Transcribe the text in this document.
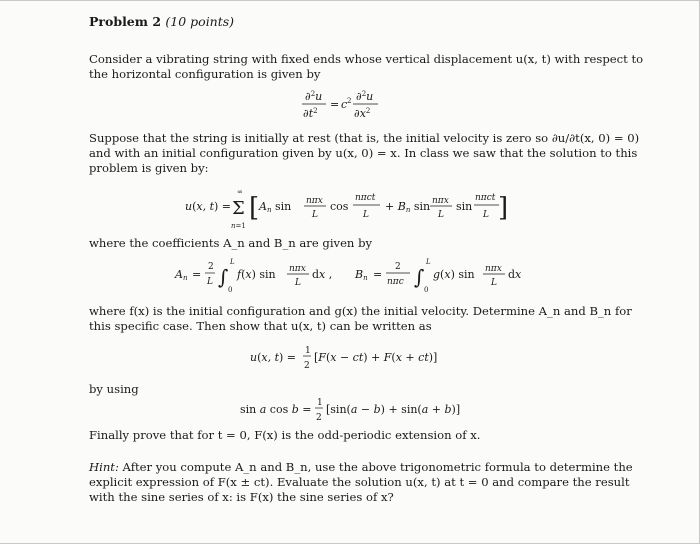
Problem 2 (10 points)
Consider a vibrating string with fixed ends whose vertical displacement u(x, t) with respect to
the horizontal configuration is given by
∂$^2$u
$\partial t^2 = c$ 2 ∂$^2$u
$\partial x^2$
Suppose that the string is initially at rest (that is, the initial velocity is zero so ∂u/∂t(x, 0) = 0)
and with an initial configuration given by u(x, 0) = x. In class we saw that the solution to this
problem is given by:
u(x, t) =
∞
Σ
n=1
[ An sin nπx
L
cos
nπct
L
+ Bn sin nπx
L
sin
nπct
L ]
where the coefficients A_n and B_n are given by
An =
2
L ∫
L
0
f(x) sin nπx
L
dx , Bn =
2
nπc ∫
L
0
g(x) sin nπx
L
dx
where f(x) is the initial configuration and g(x) the initial velocity. Determine A_n and B_n for
this specific case. Then show that u(x, t) can be written as
u(x, t) = 1
2
[F(x − ct) + F(x + ct)]
by using
sin a cos b = 1
2
[sin(a − b) + sin(a + b)]
Finally prove that for t = 0, F(x) is the odd-periodic extension of x.
Hint: After you compute A_n and B_n, use the above trigonometric formula to determine the
explicit expression of F(x ± ct). Evaluate the solution u(x, t) at t = 0 and compare the result
with the sine series of x: is F(x) the sine series of x?
